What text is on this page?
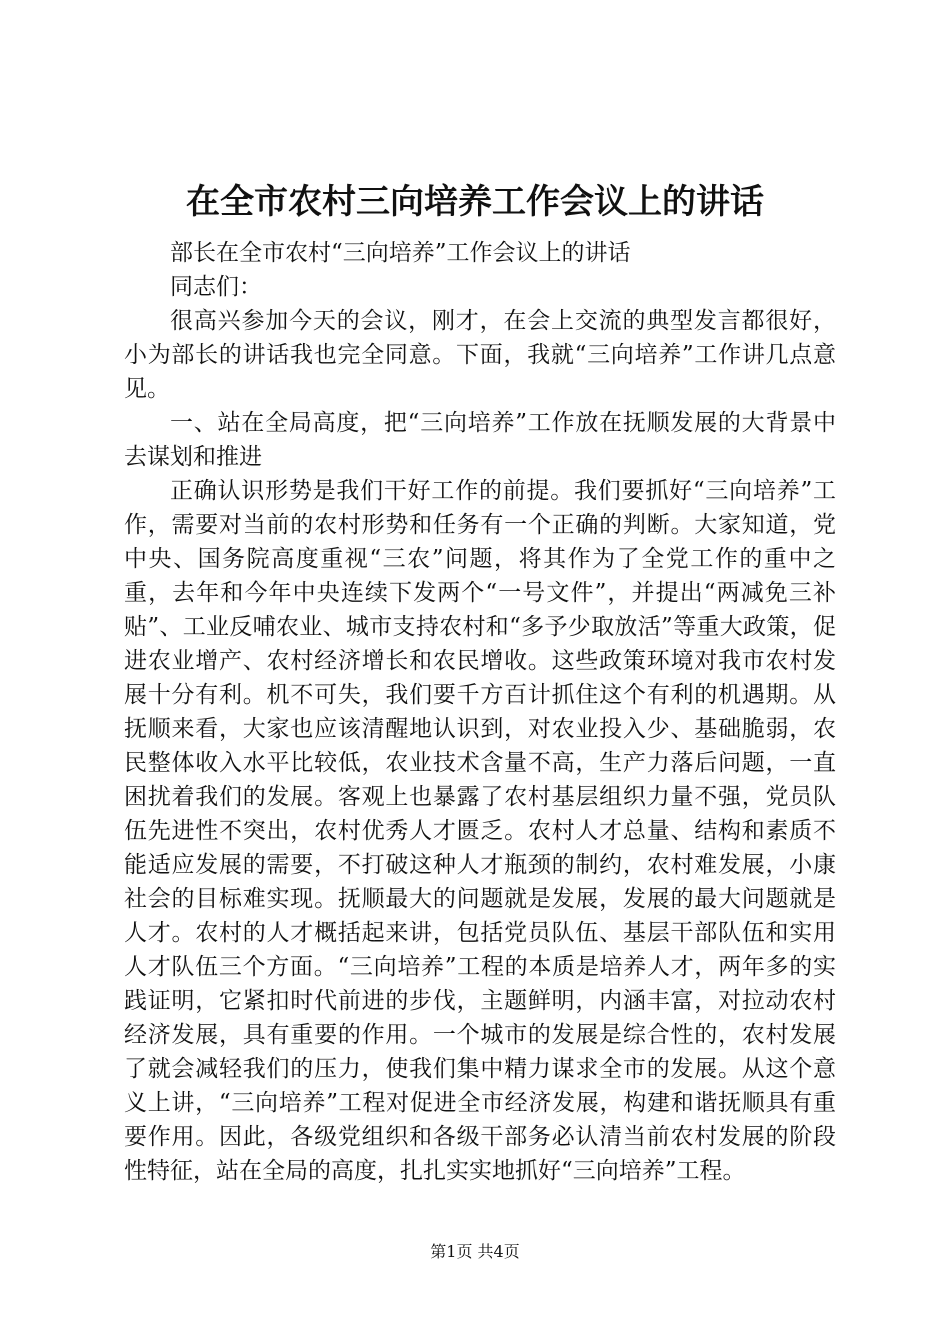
在全市农村三向培养工作会议上的讲话

部长在全市农村“三向培养”工作会议上的讲话

同志们：

很高兴参加今天的会议，刚才，在会上交流的典型发言都很好，小为部长的讲话我也完全同意。下面，我就“三向培养”工作讲几点意见。

一、站在全局高度，把“三向培养”工作放在抚顺发展的大背景中去谋划和推进

正确认识形势是我们干好工作的前提。我们要抓好“三向培养”工作，需要对当前的农村形势和任务有一个正确的判断。大家知道，党中央、国务院高度重视“三农”问题，将其作为了全党工作的重中之重，去年和今年中央连续下发两个“一号文件”，并提出“两减免三补贴”、工业反哺农业、城市支持农村和“多予少取放活”等重大政策，促进农业增产、农村经济增长和农民增收。这些政策环境对我市农村发展十分有利。机不可失，我们要千方百计抓住这个有利的机遇期。从抚顺来看，大家也应该清醒地认识到，对农业投入少、基础脆弱，农民整体收入水平比较低，农业技术含量不高，生产力落后问题，一直困扰着我们的发展。客观上也暴露了农村基层组织力量不强，党员队伍先进性不突出，农村优秀人才匮乏。农村人才总量、结构和素质不能适应发展的需要，不打破这种人才瓶颈的制约，农村难发展，小康社会的目标难实现。抚顺最大的问题就是发展，发展的最大问题就是人才。农村的人才概括起来讲，包括党员队伍、基层干部队伍和实用人才队伍三个方面。“三向培养”工程的本质是培养人才，两年多的实践证明，它紧扣时代前进的步伐，主题鲜明，内涵丰富，对拉动农村经济发展，具有重要的作用。一个城市的发展是综合性的，农村发展了就会减轻我们的压力，使我们集中精力谋求全市的发展。从这个意义上讲，“三向培养”工程对促进全市经济发展，构建和谐抚顺具有重要作用。因此，各级党组织和各级干部务必认清当前农村发展的阶段性特征，站在全局的高度，扎扎实实地抓好“三向培养”工程。

第1页 共4页
